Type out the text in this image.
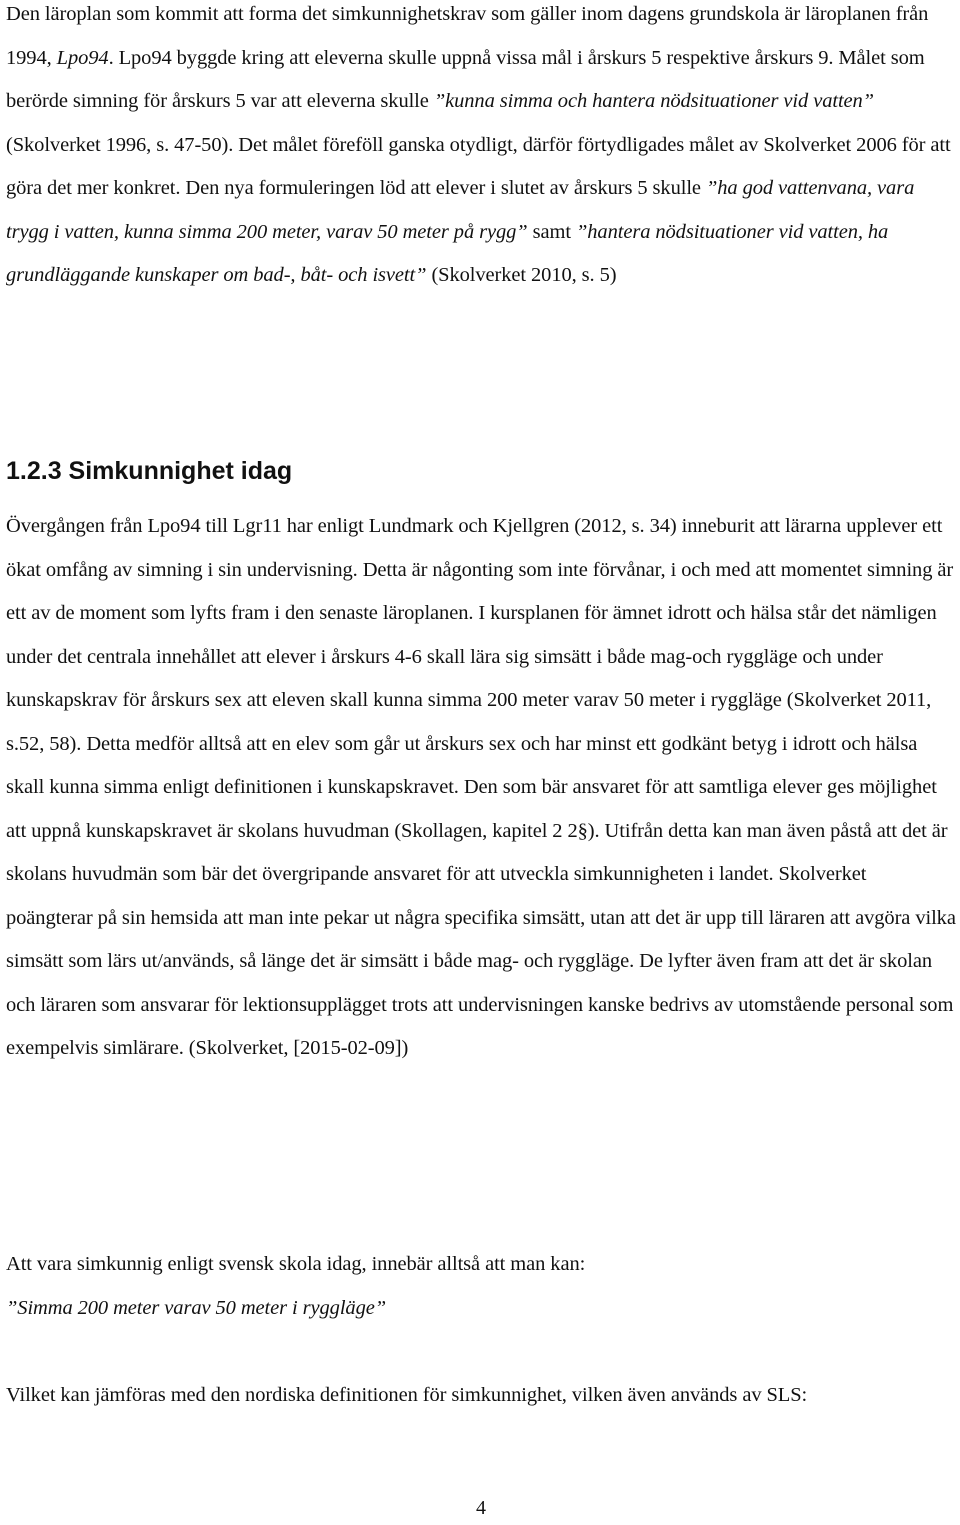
Den läroplan som kommit att forma det simkunnighetskrav som gäller inom dagens grundskola är läroplanen från 1994, Lpo94. Lpo94 byggde kring att eleverna skulle uppnå vissa mål i årskurs 5 respektive årskurs 9. Målet som berörde simning för årskurs 5 var att eleverna skulle ”kunna simma och hantera nödsituationer vid vatten” (Skolverket 1996, s. 47-50). Det målet föreföll ganska otydligt, därför förtydligades målet av Skolverket 2006 för att göra det mer konkret. Den nya formuleringen löd att elever i slutet av årskurs 5 skulle ”ha god vattenvana, vara trygg i vatten, kunna simma 200 meter, varav 50 meter på rygg” samt ”hantera nödsituationer vid vatten, ha grundläggande kunskaper om bad-, båt- och isvett” (Skolverket 2010, s. 5)

1.2.3 Simkunnighet idag

Övergången från Lpo94 till Lgr11 har enligt Lundmark och Kjellgren (2012, s. 34) inneburit att lärarna upplever ett ökat omfång av simning i sin undervisning. Detta är någonting som inte förvånar, i och med att momentet simning är ett av de moment som lyfts fram i den senaste läroplanen. I kursplanen för ämnet idrott och hälsa står det nämligen under det centrala innehållet att elever i årskurs 4-6 skall lära sig simsätt i både mag-och ryggläge och under kunskapskrav för årskurs sex att eleven skall kunna simma 200 meter varav 50 meter i ryggläge (Skolverket 2011, s.52, 58). Detta medför alltså att en elev som går ut årskurs sex och har minst ett godkänt betyg i idrott och hälsa skall kunna simma enligt definitionen i kunskapskravet. Den som bär ansvaret för att samtliga elever ges möjlighet att uppnå kunskapskravet är skolans huvudman (Skollagen, kapitel 2 2§). Utifrån detta kan man även påstå att det är skolans huvudmän som bär det övergripande ansvaret för att utveckla simkunnigheten i landet. Skolverket poängterar på sin hemsida att man inte pekar ut några specifika simsätt, utan att det är upp till läraren att avgöra vilka simsätt som lärs ut/används, så länge det är simsätt i både mag- och ryggläge. De lyfter även fram att det är skolan och läraren som ansvarar för lektionsupplägget trots att undervisningen kanske bedrivs av utomstående personal som exempelvis simlärare. (Skolverket, [2015-02-09])

Att vara simkunnig enligt svensk skola idag, innebär alltså att man kan:
”Simma 200 meter varav 50 meter i ryggläge”

Vilket kan jämföras med den nordiska definitionen för simkunnighet, vilken även används av SLS:

4
